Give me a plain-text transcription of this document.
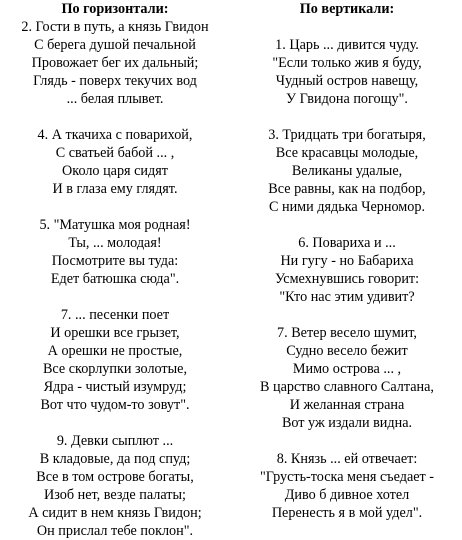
По горизонтали:
2. Гости в путь, а князь Гвидон
С берега душой печальной
Провожает бег их дальный;
Глядь - поверх текучих вод
... белая плывет.
4. А ткачиха с поварихой,
С сватьей бабой ... ,
Около царя сидят
И в глаза ему глядят.
5. "Матушка моя родная!
Ты, ... молодая!
Посмотрите вы туда:
Едет батюшка сюда".
7. ... песенки поет
И орешки все грызет,
А орешки не простые,
Все скорлупки золотые,
Ядра - чистый изумруд;
Вот что чудом-то зовут".
9. Девки сыплют ...
В кладовые, да под спуд;
Все в том острове богаты,
Изоб нет, везде палаты;
А сидит в нем князь Гвидон;
Он прислал тебе поклон".
По вертикали:
1. Царь ... дивится чуду.
"Если только жив я буду,
Чудный остров навещу,
У Гвидона погощу".
3. Тридцать три богатыря,
Все красавцы молодые,
Великаны удалые,
Все равны, как на подбор,
С ними дядька Черномор.
6. Повариха и ...
Ни гугу - но Бабариха
Усмехнувшись говорит:
"Кто нас этим удивит?
7. Ветер весело шумит,
Судно весело бежит
Мимо острова ... ,
В царство славного Салтана,
И желанная страна
Вот уж издали видна.
8. Князь ... ей отвечает:
"Грусть-тоска меня съедает -
Диво б дивное хотел
Перенесть я в мой удел".
